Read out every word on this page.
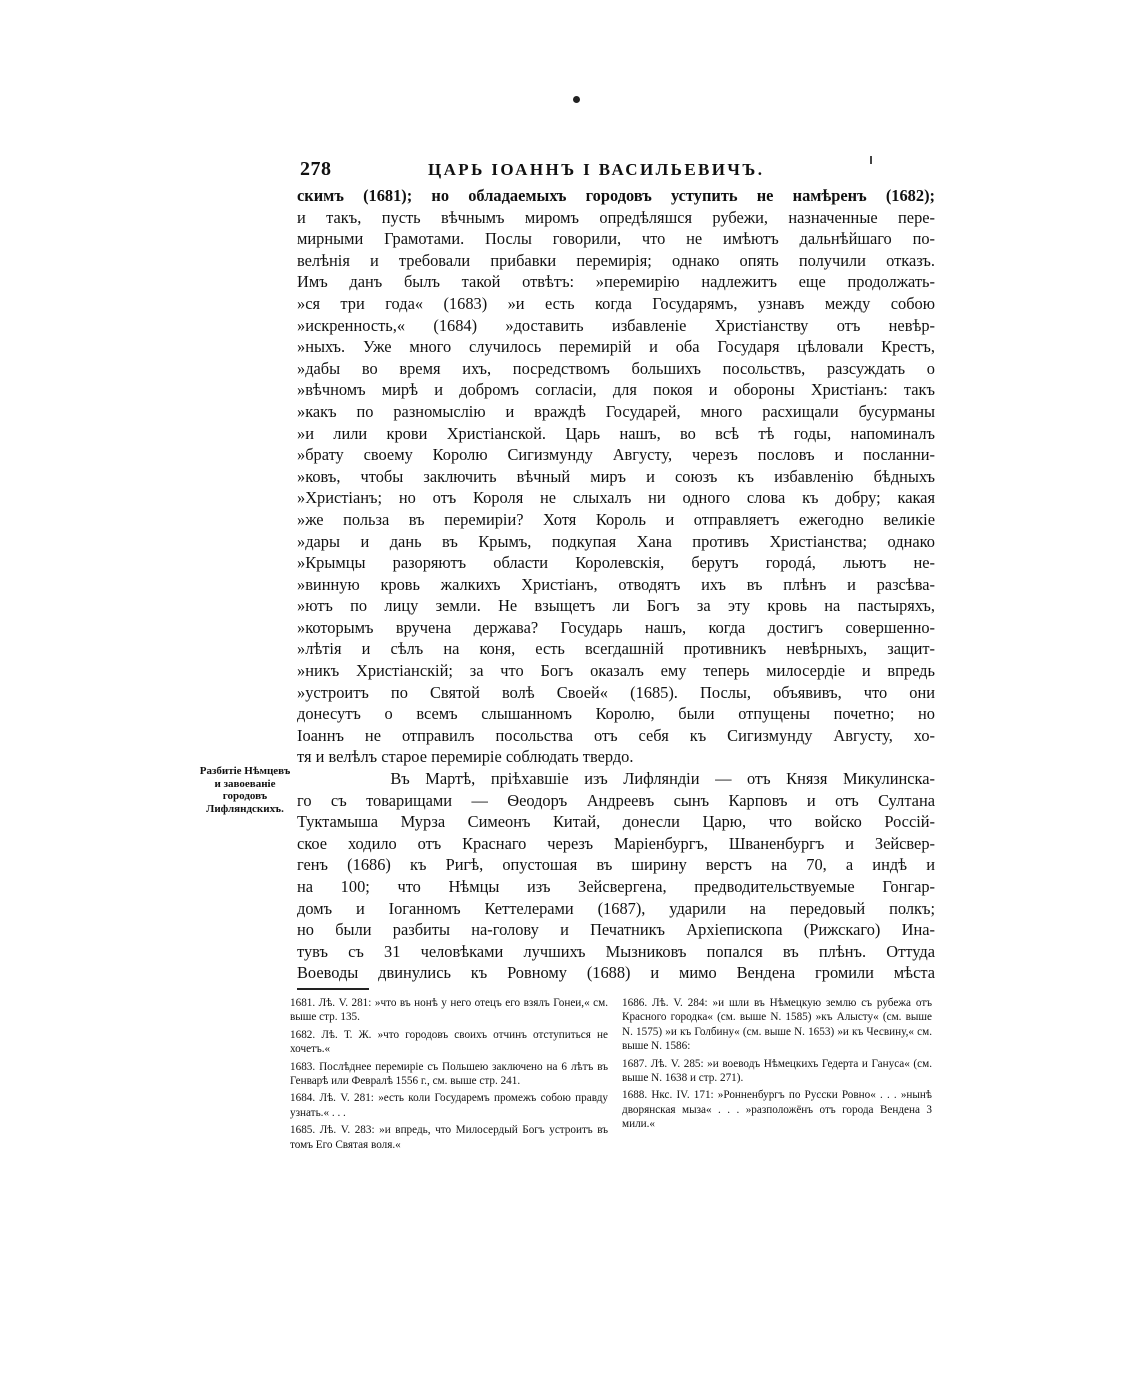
278	ЦАРЬ ІОАННЪ І ВАСИЛЬЕВИЧЪ.
скимъ (1681); но обладаемыхъ городовъ уступить не намѣренъ (1682);
и такъ, пусть вѣчнымъ миромъ опредѣляшся рубежи, назначенные пере-
мирными Грамотами. Послы говорили, что не имѣютъ дальнѣйшаго по-
велѣнія и требовали прибавки перемирія; однако опять получили отказъ.
Имъ данъ былъ такой отвѣтъ: »перемирію надлежитъ еще продолжать-
»ся три года« (1683) »и есть когда Государямъ, узнавъ между собою
»искренность,« (1684) »доставить избавленіе Христіанству отъ невѣр-
»ныхъ. Уже много случилось перемирій и оба Государя цѣловали Крестъ,
»дабы во время ихъ, посредствомъ большихъ посольствъ, разсуждать о
»вѣчномъ мирѣ и добромъ согласіи, для покоя и обороны Христіанъ: такъ
»какъ по разномыслію и враждѣ Государей, много расхищали бусурманы
»и лили крови Христіанской. Царь нашъ, во всѣ тѣ годы, напоминалъ
»брату своему Королю Сигизмунду Августу, черезъ пословъ и посланни-
»ковъ, чтобы заключить вѣчный миръ и союзъ къ избавленію бѣдныхъ
»Христіанъ; но отъ Короля не слыхалъ ни одного слова къ добру; какая
»же польза въ перемиріи? Хотя Король и отправляетъ ежегодно великіе
»дары и дань въ Крымъ, подкупая Хана противъ Христіанства; однако
»Крымцы разоряютъ области Королевскія, берутъ городá, льютъ не-
»винную кровь жалкихъ Христіанъ, отводятъ ихъ въ плѣнъ и разсѣва-
»ютъ по лицу земли. Не взыщетъ ли Богъ за эту кровь на пастыряхъ,
»которымъ вручена держава? Государь нашъ, когда достигъ совершенно-
»лѣтія и сѣлъ на коня, есть всегдашній противникъ невѣрныхъ, защит-
»никъ Христіанскій; за что Богъ оказалъ ему теперь милосердіе и впредь
»устроитъ по Святой волѣ Своей« (1685). Послы, объявивъ, что они
донесутъ о всемъ слышанномъ Королю, были отпущены почетно; но
Іоаннъ не отправилъ посольства отъ себя къ Сигизмунду Августу, хо-
тя и велѣлъ старое перемиріе соблюдать твердо.
Въ Мартѣ, пріѣхавшіе изъ Лифляндіи — отъ Князя Микулинска-
го съ товарищами — Ѳеодоръ Андреевъ сынъ Карповъ и отъ Султана
Туктамыша Мурза Симеонъ Китай, донесли Царю, что войско Россій-
ское ходило отъ Краснаго черезъ Маріенбургъ, Шваненбургъ и Зейсвер-
генъ (1686) къ Ригѣ, опустошая въ ширину верстъ на 70, а индѣ и
на 100; что Нѣмцы изъ Зейсвергена, предводительствуемые Гонгар-
домъ и Іоганномъ Кеттелерами (1687), ударили на передовый полкъ;
но были разбиты на-голову и Печатникъ Архіепископа (Рижскаго) Ина-
тувъ съ 31 человѣками лучшихъ Мызниковъ попался въ плѣнъ. Оттуда
Воеводы двинулись къ Ровному (1688) и мимо Вендена громили мѣста
Разбитіе Нѣмцевъ и завоеваніе городовъ Лифляндскихъ.
1681. Лѣ. V. 281: »что въ нонѣ у него отецъ его взялъ Гонеи,« см. выше стр. 135.
1682. Лѣ. Т. Ж. »что городовъ своихъ отчинъ отступиться не хочетъ.«
1683. Послѣднее перемиріе съ Польшею заключено на 6 лѣтъ въ Генварѣ или Февралѣ 1556 г., см. выше стр. 241.
1684. Лѣ. V. 281: »есть коли Государемъ промежъ собою правду узнать.« . . .
1685. Лѣ. V. 283: »и впредь, что Милосердый Богъ устроитъ въ томъ Его Святая воля.«
1686. Лѣ. V. 284: »и шли въ Нѣмецкую землю съ рубежа отъ Красного городка« (см. выше N. 1585) »къ Алысту« (см. выше N. 1575) »и къ Голбину« (см. выше N. 1653) »и къ Чесвину,« см. выше N. 1586:
1687. Лѣ. V. 285: »и воеводъ Нѣмецкихъ Гедерта и Гануса« (см. выше N. 1638 и стр. 271).
1688. Нкс. IV. 171: »Ронненбургъ по Русски Ровно« . . . »нынѣ дворянская мыза« . . . »разположёнъ отъ города Вендена 3 мили.«
